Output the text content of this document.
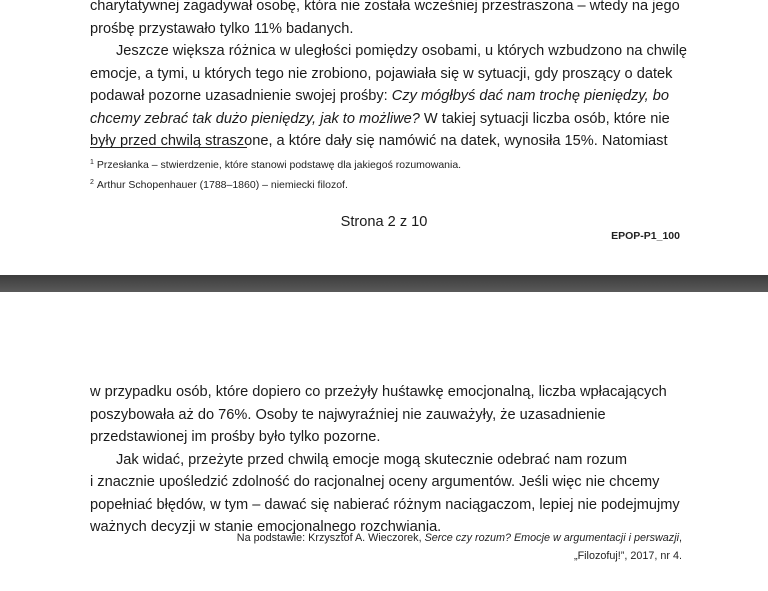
charytatywnej zagadywał osobę, która nie została wcześniej przestraszona – wtedy na jego
prośbę przystawało tylko 11% badanych.
Jeszcze większa różnica w uległości pomiędzy osobami, u których wzbudzono na chwilę
emocje, a tymi, u których tego nie zrobiono, pojawiała się w sytuacji, gdy proszący o datek
podawał pozorne uzasadnienie swojej prośby: Czy mógłbyś dać nam trochę pieniędzy, bo
chcemy zebrać tak dużo pieniędzy, jak to możliwe? W takiej sytuacji liczba osób, które nie
były przed chwilą straszone, a które dały się namówić na datek, wynosiła 15%. Natomiast
$^1$ Przesłanka – stwierdzenie, które stanowi podstawę dla jakiegoś rozumowania.
$^2$ Arthur Schopenhauer (1788–1860) – niemiecki filozof.
Strona 2 z 10
EPOP-P1_100
w przypadku osób, które dopiero co przeżyły huśtawkę emocjonalną, liczba wpłacających
poszybowała aż do 76%. Osoby te najwyraźniej nie zauważyły, że uzasadnienie
przedstawionej im prośby było tylko pozorne.
Jak widać, przeżyte przed chwilą emocje mogą skutecznie odebrać nam rozum
i znacznie upośledzić zdolność do racjonalnej oceny argumentów. Jeśli więc nie chcemy
popełniać błędów, w tym – dawać się nabierać różnym naciągaczom, lepiej nie podejmujmy
ważnych decyzji w stanie emocjonalnego rozchwiania.
Na podstawie: Krzysztof A. Wieczorek, Serce czy rozum? Emocje w argumentacji i perswazji,
„Filozofuj!”, 2017, nr 4.
